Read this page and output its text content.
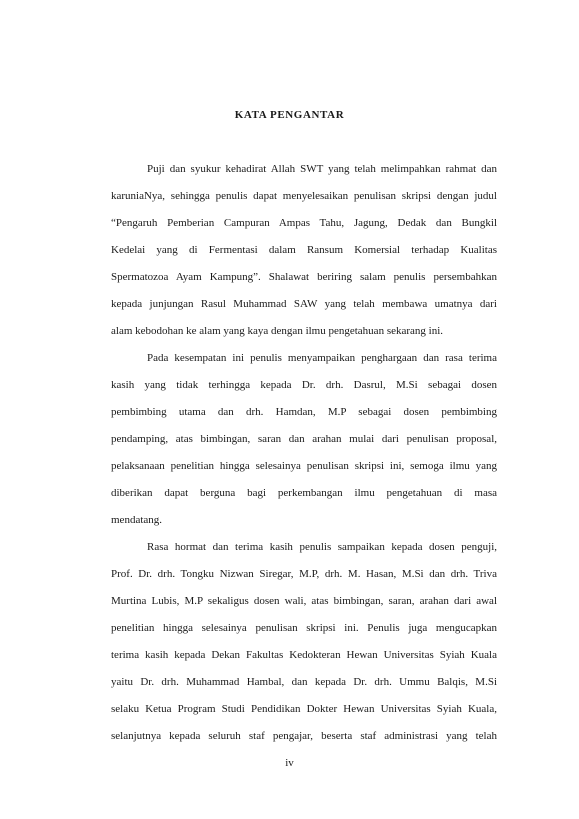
KATA PENGANTAR
Puji dan syukur kehadirat Allah SWT yang telah melimpahkan rahmat dan
karuniaNya, sehingga penulis dapat menyelesaikan penulisan skripsi dengan judul
“Pengaruh Pemberian Campuran Ampas Tahu, Jagung, Dedak dan Bungkil
Kedelai yang di Fermentasi dalam Ransum Komersial terhadap Kualitas
Spermatozoa Ayam Kampung”. Shalawat beriring salam penulis persembahkan
kepada junjungan Rasul Muhammad SAW yang telah membawa umatnya dari
alam kebodohan ke alam yang kaya dengan ilmu pengetahuan sekarang ini.
Pada kesempatan ini penulis menyampaikan penghargaan dan rasa terima
kasih yang tidak terhingga kepada Dr. drh. Dasrul, M.Si sebagai dosen
pembimbing utama dan drh. Hamdan, M.P sebagai dosen pembimbing
pendamping, atas bimbingan, saran dan arahan mulai dari penulisan proposal,
pelaksanaan penelitian hingga selesainya penulisan skripsi ini, semoga ilmu yang
diberikan dapat berguna bagi perkembangan ilmu pengetahuan di masa
mendatang.
Rasa hormat dan terima kasih penulis sampaikan kepada dosen penguji,
Prof. Dr. drh. Tongku Nizwan Siregar, M.P, drh. M. Hasan, M.Si dan drh. Triva
Murtina Lubis, M.P sekaligus dosen wali, atas bimbingan, saran, arahan dari awal
penelitian hingga selesainya penulisan skripsi ini. Penulis juga mengucapkan
terima kasih kepada Dekan Fakultas Kedokteran Hewan Universitas Syiah Kuala
yaitu Dr. drh. Muhammad Hambal, dan kepada Dr. drh. Ummu Balqis, M.Si
selaku Ketua Program Studi Pendidikan Dokter Hewan Universitas Syiah Kuala,
selanjutnya kepada seluruh staf pengajar, beserta staf administrasi yang telah
iv
